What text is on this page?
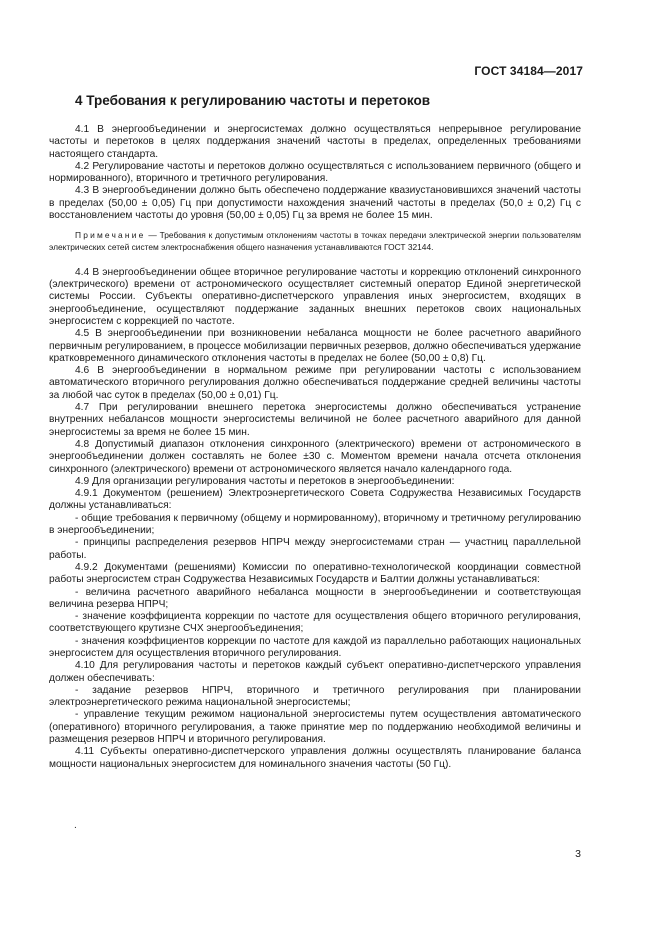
ГОСТ 34184—2017
4 Требования к регулированию частоты и перетоков

4.1 В энергообъединении и энергосистемах должно осуществляться непрерывное регулирование частоты и перетоков в целях поддержания значений частоты в пределах, определенных требованиями настоящего стандарта.

4.2 Регулирование частоты и перетоков должно осуществляться с использованием первичного (общего и нормированного), вторичного и третичного регулирования.

4.3 В энергообъединении должно быть обеспечено поддержание квазиустановившихся значений частоты в пределах (50,00 ± 0,05) Гц при допустимости нахождения значений частоты в пределах (50,0 ± 0,2) Гц с восстановлением частоты до уровня (50,00 ± 0,05) Гц за время не более 15 мин.

Примечание — Требования к допустимым отклонениям частоты в точках передачи электрической энергии пользователям электрических сетей систем электроснабжения общего назначения устанавливаются ГОСТ 32144.

4.4 В энергообъединении общее вторичное регулирование частоты и коррекцию отклонений синхронного (электрического) времени от астрономического осуществляет системный оператор Единой энергетической системы России. Субъекты оперативно-диспетчерского управления иных энергосистем, входящих в энергообъединение, осуществляют поддержание заданных внешних перетоков своих национальных энергосистем с коррекцией по частоте.

4.5 В энергообъединении при возникновении небаланса мощности не более расчетного аварийного первичным регулированием, в процессе мобилизации первичных резервов, должно обеспечиваться удержание кратковременного динамического отклонения частоты в пределах не более (50,00 ± 0,8) Гц.

4.6 В энергообъединении в нормальном режиме при регулировании частоты с использованием автоматического вторичного регулирования должно обеспечиваться поддержание средней величины частоты за любой час суток в пределах (50,00 ± 0,01) Гц.

4.7 При регулировании внешнего перетока энергосистемы должно обеспечиваться устранение внутренних небалансов мощности энергосистемы величиной не более расчетного аварийного для данной энергосистемы за время не более 15 мин.

4.8 Допустимый диапазон отклонения синхронного (электрического) времени от астрономического в энергообъединении должен составлять не более ±30 с. Моментом времени начала отсчета отклонения синхронного (электрического) времени от астрономического является начало календарного года.

4.9 Для организации регулирования частоты и перетоков в энергообъединении:

4.9.1 Документом (решением) Электроэнергетического Совета Содружества Независимых Государств должны устанавливаться:

- общие требования к первичному (общему и нормированному), вторичному и третичному регулированию в энергообъединении;

- принципы распределения резервов НПРЧ между энергосистемами стран — участниц параллельной работы.

4.9.2 Документами (решениями) Комиссии по оперативно-технологической координации совместной работы энергосистем стран Содружества Независимых Государств и Балтии должны устанавливаться:

- величина расчетного аварийного небаланса мощности в энергообъединении и соответствующая величина резерва НПРЧ;

- значение коэффициента коррекции по частоте для осуществления общего вторичного регулирования, соответствующего крутизне СЧХ энергообъединения;

- значения коэффициентов коррекции по частоте для каждой из параллельно работающих национальных энергосистем для осуществления вторичного регулирования.

4.10 Для регулирования частоты и перетоков каждый субъект оперативно-диспетчерского управления должен обеспечивать:

- задание резервов НПРЧ, вторичного и третичного регулирования при планировании электроэнергетического режима национальной энергосистемы;

- управление текущим режимом национальной энергосистемы путем осуществления автоматического (оперативного) вторичного регулирования, а также принятие мер по поддержанию необходимой величины и размещения резервов НПРЧ и вторичного регулирования.

4.11 Субъекты оперативно-диспетчерского управления должны осуществлять планирование баланса мощности национальных энергосистем для номинального значения частоты (50 Гц).

.
3
